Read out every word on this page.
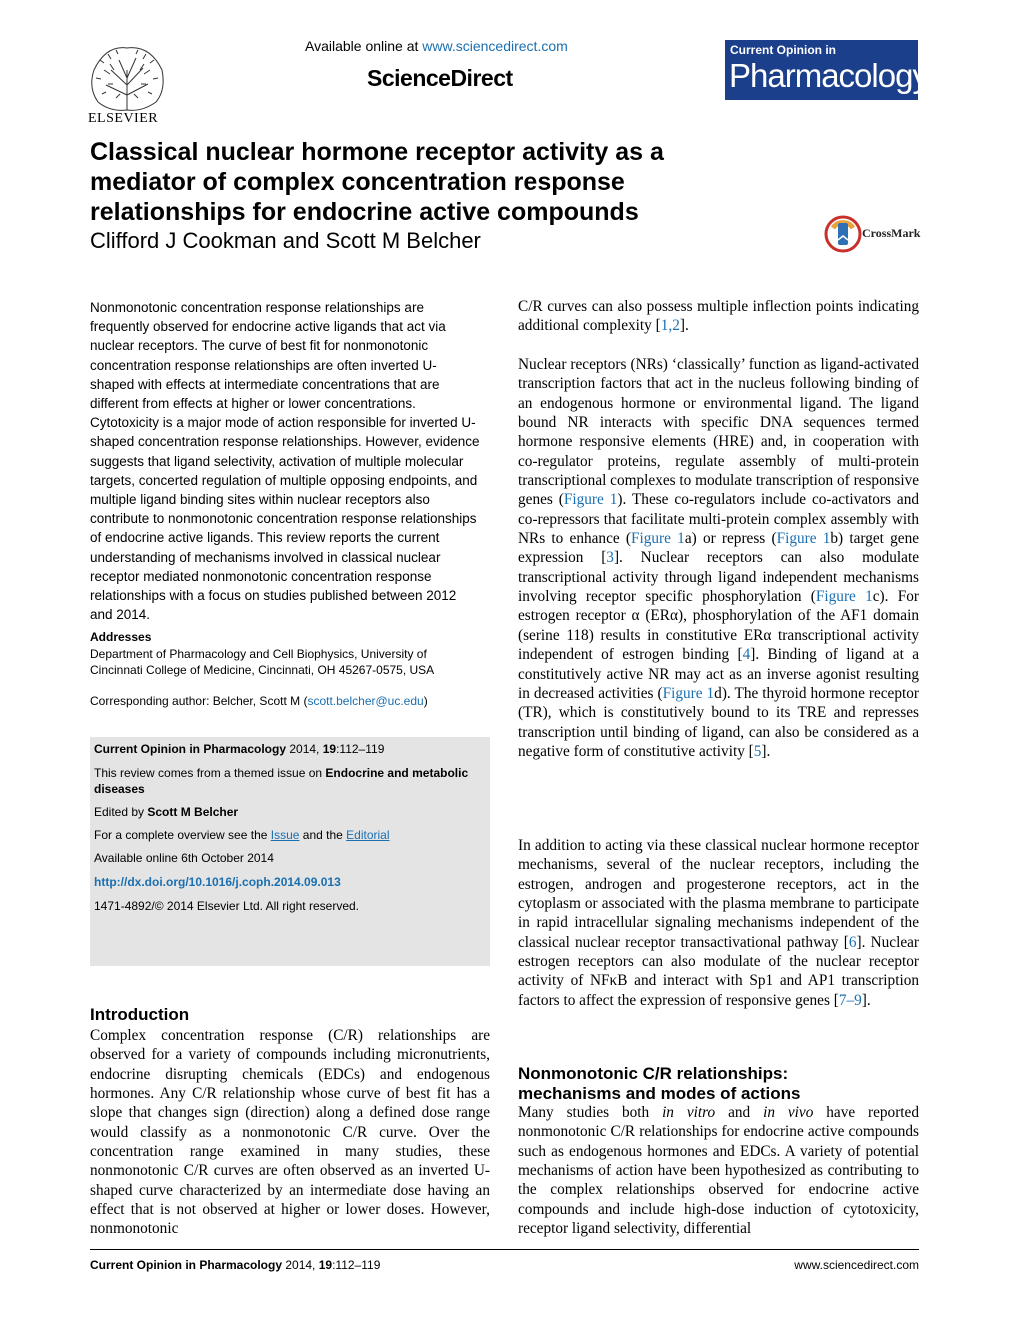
ELSEVIER
Available online at www.sciencedirect.com
ScienceDirect
Current Opinion in
Pharmacology
Classical nuclear hormone receptor activity as a mediator of complex concentration response relationships for endocrine active compounds
Clifford J Cookman and Scott M Belcher	CrossMark
Nonmonotonic concentration response relationships are frequently observed for endocrine active ligands that act via nuclear receptors. The curve of best fit for nonmonotonic concentration response relationships are often inverted U-shaped with effects at intermediate concentrations that are different from effects at higher or lower concentrations. Cytotoxicity is a major mode of action responsible for inverted U-shaped concentration response relationships. However, evidence suggests that ligand selectivity, activation of multiple molecular targets, concerted regulation of multiple opposing endpoints, and multiple ligand binding sites within nuclear receptors also contribute to nonmonotonic concentration response relationships of endocrine active ligands. This review reports the current understanding of mechanisms involved in classical nuclear receptor mediated nonmonotonic concentration response relationships with a focus on studies published between 2012 and 2014.
Addresses
Department of Pharmacology and Cell Biophysics, University of Cincinnati College of Medicine, Cincinnati, OH 45267-0575, USA
Corresponding author: Belcher, Scott M (scott.belcher@uc.edu)
Current Opinion in Pharmacology 2014, 19:112–119
This review comes from a themed issue on Endocrine and metabolic diseases
Edited by Scott M Belcher
For a complete overview see the Issue and the Editorial
Available online 6th October 2014
http://dx.doi.org/10.1016/j.coph.2014.09.013
1471-4892/© 2014 Elsevier Ltd. All right reserved.
Introduction
Complex concentration response (C/R) relationships are observed for a variety of compounds including micronutrients, endocrine disrupting chemicals (EDCs) and endogenous hormones. Any C/R relationship whose curve of best fit has a slope that changes sign (direction) along a defined dose range would classify as a nonmonotonic C/R curve. Over the concentration range examined in many studies, these nonmonotonic C/R curves are often observed as an inverted U-shaped curve characterized by an intermediate dose having an effect that is not observed at higher or lower doses. However, nonmonotonic
C/R curves can also possess multiple inflection points indicating additional complexity [1,2].
Nuclear receptors (NRs) ‘classically’ function as ligand-activated transcription factors that act in the nucleus following binding of an endogenous hormone or environmental ligand. The ligand bound NR interacts with specific DNA sequences termed hormone responsive elements (HRE) and, in cooperation with co-regulator proteins, regulate assembly of multi-protein transcriptional complexes to modulate transcription of responsive genes (Figure 1). These co-regulators include co-activators and co-repressors that facilitate multi-protein complex assembly with NRs to enhance (Figure 1a) or repress (Figure 1b) target gene expression [3]. Nuclear receptors can also modulate transcriptional activity through ligand independent mechanisms involving receptor specific phosphorylation (Figure 1c). For estrogen receptor α (ERα), phosphorylation of the AF1 domain (serine 118) results in constitutive ERα transcriptional activity independent of estrogen binding [4]. Binding of ligand at a constitutively active NR may act as an inverse agonist resulting in decreased activities (Figure 1d). The thyroid hormone receptor (TR), which is constitutively bound to its TRE and represses transcription until binding of ligand, can also be considered as a negative form of constitutive activity [5].
In addition to acting via these classical nuclear hormone receptor mechanisms, several of the nuclear receptors, including the estrogen, androgen and progesterone receptors, act in the cytoplasm or associated with the plasma membrane to participate in rapid intracellular signaling mechanisms independent of the classical nuclear receptor transactivational pathway [6]. Nuclear estrogen receptors can also modulate of the nuclear receptor activity of NFκB and interact with Sp1 and AP1 transcription factors to affect the expression of responsive genes [7–9].
Nonmonotonic C/R relationships:
mechanisms and modes of actions
Many studies both in vitro and in vivo have reported nonmonotonic C/R relationships for endocrine active compounds such as endogenous hormones and EDCs. A variety of potential mechanisms of action have been hypothesized as contributing to the complex relationships observed for endocrine active compounds and include high-dose induction of cytotoxicity, receptor ligand selectivity, differential
Current Opinion in Pharmacology 2014, 19:112–119	www.sciencedirect.com
